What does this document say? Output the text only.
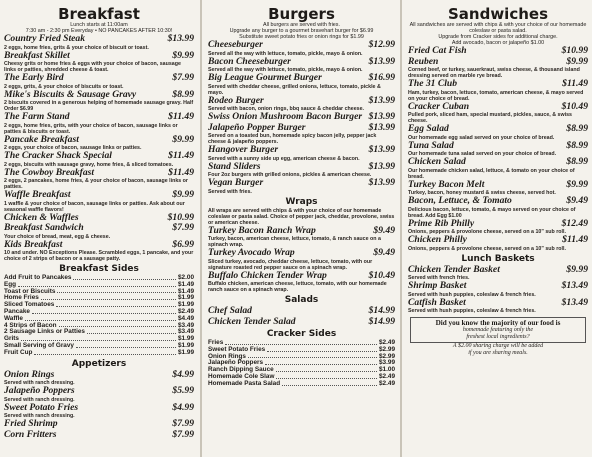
Breakfast
Lunch starts at 11:00am
7:30 am - 2:30 pm Everyday • NO PANCAKES AFTER 10:30!
Country Fried Steak	$13.99
2 eggs, home fries, grits & your choice of biscuit or toast.
Breakfast Skillet	$9.99
Cheesy grits or home fries & eggs with your choice of bacon, sausage links or patties, shredded cheese & toast.
The Early Bird	$7.99
2 eggs, grits, & your choice of biscuits or toast.
Mike's Biscuits & Sausage Gravy	$8.99
2 biscuits covered in a generous helping of homemade sausage gravy. Half Order $6.99
The Farm Stand	$11.49
2 eggs, home fries, grits, with your choice of bacon, sausage links or patties & biscuits or toast.
Pancake Breakfast	$9.99
2 eggs, your choice of bacon, sausage links or patties.
The Cracker Shack Special	$11.49
2 eggs, biscuits with sausage gravy, home fries, & sliced tomatoes.
The Cowboy Breakfast	$11.49
2 eggs, 2 pancakes, home fries, & your choice of bacon, sausage links or patties.
Waffle Breakfast	$9.99
1 waffle & your choice of bacon, sausage links or patties. Ask about our seasonal waffle flavors!
Chicken & Waffles	$10.99
Breakfast Sandwich	$7.99
Your choice of bread, meat, egg & cheese.
Kids Breakfast	$6.99
10 and under. NO Exceptions Please. Scrambled eggs, 1 pancake, and your choice of 2 strips of bacon or a sausage patty.
Breakfast Sides
Add Fruit to Pancakes	$2.00
Egg	$1.49
Toast or Biscuits	$1.49
Home Fries	$1.99
Sliced Tomatoes	$1.99
Pancake	$2.49
Waffle	$4.49
4 Strips of Bacon	$3.49
2 Sausage Links or Patties	$3.49
Grits	$1.99
Small Serving of Gravy	$1.99
Fruit Cup	$1.99
Appetizers
Onion Rings	$4.99
Served with ranch dressing.
Jalapeño Poppers	$5.99
Served with ranch dressing.
Sweet Potato Fries	$4.99
Served with ranch dressing.
Fried Shrimp	$7.99
Corn Fritters	$7.99
Burgers
All burgers are served with fries.
Upgrade any burger to a gourmet bravehart burger for $6.99
Substitute sweet potato fries or onion rings for $1.99
Cheeseburger	$12.99
Served all the way with lettuce, tomato, pickle, mayo & onion.
Bacon Cheeseburger	$13.99
Served all the way with lettuce, tomato, pickle, mayo & onion.
Big League Gourmet Burger	$16.99
Served with cheddar cheese, grilled onions, lettuce, tomato, pickle & mayo.
Rodeo Burger	$13.99
Served with bacon, onion rings, bbq sauce & cheddar cheese.
Swiss Onion Mushroom Bacon Burger $13.99
Jalapeño Popper Burger	$13.99
Served on a toasted bun, homemade spicy bacon jelly, pepper jack cheese & jalapeño poppers.
Hangover Burger	$13.99
Served with a sunny side up egg, american cheese & bacon.
Stand Sliders	$13.99
Four 2oz burgers with grilled onions, pickles & american cheese.
Vegan Burger	$13.99
Served with fries.
Wraps
All wraps are served with chips & with your choice of our homemade coleslaw or pasta salad. Choice of pepper jack, cheddar, provolone, swiss or american cheese.
Turkey Bacon Ranch Wrap	$9.49
Turkey, bacon, american cheese, lettuce, tomato, & ranch sauce on a spinach wrap.
Turkey Avocado Wrap	$9.49
Sliced turkey, avocado, cheddar cheese, lettuce, tomato, with our signature roasted red pepper sauce on a spinach wrap.
Buffalo Chicken Tender Wrap	$10.49
Buffalo chicken, american cheese, lettuce, tomato, with our homemade ranch sauce on a spinach wrap.
Salads
Chef Salad	$14.99
Chicken Tender Salad	$14.99
Cracker Sides
Fries	$2.49
Sweet Potato Fries	$2.99
Onion Rings	$2.99
Jalapeño Poppers	$3.99
Ranch Dipping Sauce	$1.00
Homemade Cole Slaw	$2.49
Homemade Pasta Salad	$2.49
Sandwiches
All sandwiches are served with chips & with your choice of our homemade coleslaw or pasta salad.
Upgrade from Cracker sides for additional charge.
Add avocado, bacon or jalapeño $1.00
Fried Cat Fish	$10.99
Reuben	$9.99
Corned beef, or turkey, sauerkraut, swiss cheese, & thousand island dressing served on marble rye bread.
The 31 Club	$11.49
Ham, turkey, bacon, lettuce, tomato, american cheese, & mayo served on your choice of bread.
Cracker Cuban	$10.49
Pulled pork, sliced ham, special mustard, pickles, sauce, & swiss cheese.
Egg Salad	$8.99
Our homemade egg salad served on your choice of bread.
Tuna Salad	$8.99
Our homemade tuna salad served on your choice of bread.
Chicken Salad	$8.99
Our homemade chicken salad, lettuce, & tomato on your choice of bread.
Turkey Bacon Melt	$9.99
Turkey, bacon, honey mustard & swiss cheese, served hot.
Bacon, Lettuce, & Tomato	$9.49
Delicious bacon, lettuce, tomato, & mayo served on your choice of bread. Add Egg $1.00
Prime Rib Philly	$12.49
Onions, peppers & provolone cheese, served on a 10" sub roll.
Chicken Philly	$11.49
Onions, peppers & provolone cheese, served on a 10" sub roll.
Lunch Baskets
Chicken Tender Basket	$9.99
Served with french fries.
Shrimp Basket	$13.49
Served with hush puppies, coleslaw & french fries.
Catfish Basket	$13.49
Served with hush puppies, coleslaw & french fries.
Did you know the majority of our food is
homemade featuring only the
freshest local ingredients?
A $2.00 sharing charge will be added
if you are sharing meals.
